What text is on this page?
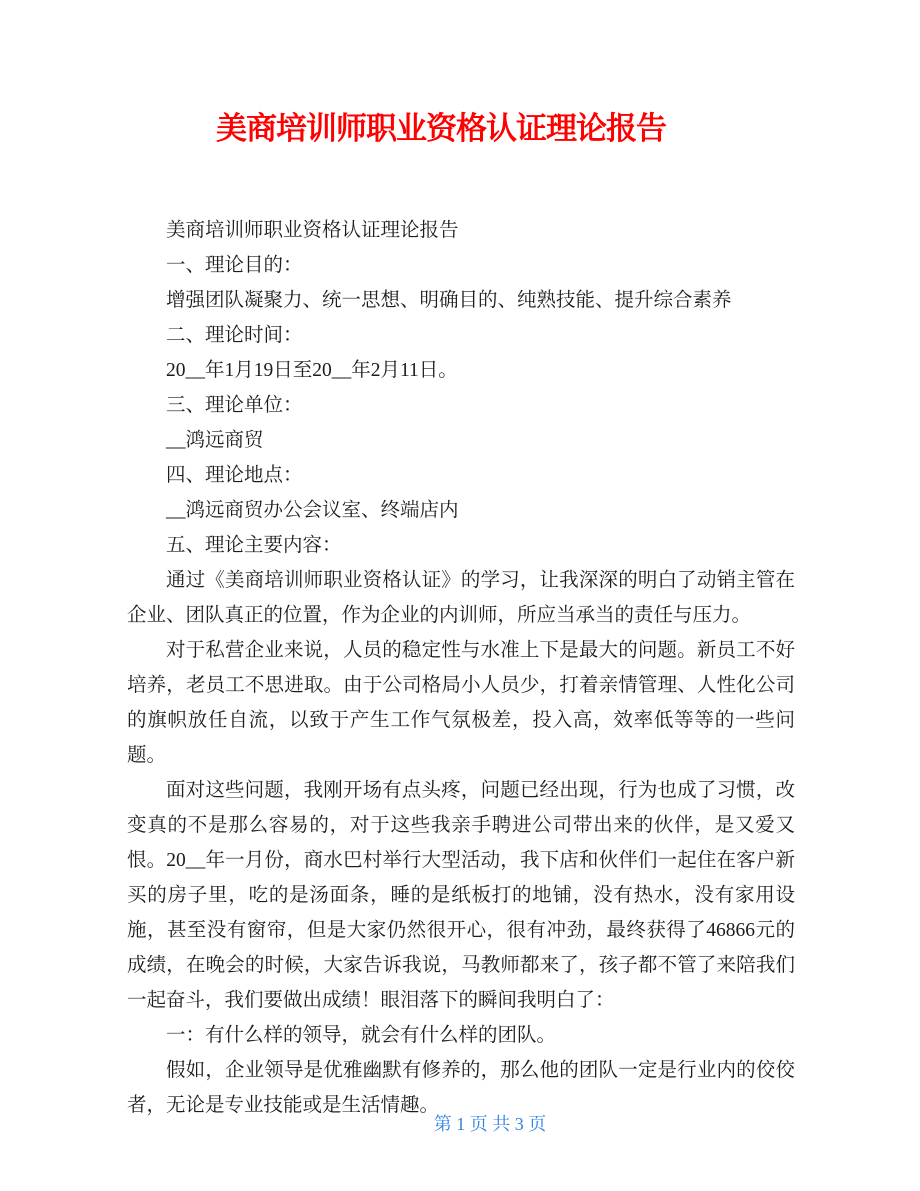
美商培训师职业资格认证理论报告

美商培训师职业资格认证理论报告

一、理论目的：

增强团队凝聚力、统一思想、明确目的、纯熟技能、提升综合素养

二、理论时间：

20__年1月19日至20__年2月11日。

三、理论单位：

__鸿远商贸

四、理论地点：

__鸿远商贸办公会议室、终端店内

五、理论主要内容：

通过《美商培训师职业资格认证》的学习，让我深深的明白了动销主管在企业、团队真正的位置，作为企业的内训师，所应当承当的责任与压力。

对于私营企业来说，人员的稳定性与水准上下是最大的问题。新员工不好培养，老员工不思进取。由于公司格局小人员少，打着亲情管理、人性化公司的旗帜放任自流，以致于产生工作气氛极差，投入高，效率低等等的一些问题。

面对这些问题，我刚开场有点头疼，问题已经出现，行为也成了习惯，改变真的不是那么容易的，对于这些我亲手聘进公司带出来的伙伴，是又爱又恨。20__年一月份，商水巴村举行大型活动，我下店和伙伴们一起住在客户新买的房子里，吃的是汤面条，睡的是纸板打的地铺，没有热水，没有家用设施，甚至没有窗帘，但是大家仍然很开心，很有冲劲，最终获得了46866元的成绩，在晚会的时候，大家告诉我说，马教师都来了，孩子都不管了来陪我们一起奋斗，我们要做出成绩！眼泪落下的瞬间我明白了：

一：有什么样的领导，就会有什么样的团队。

假如，企业领导是优雅幽默有修养的，那么他的团队一定是行业内的佼佼者，无论是专业技能或是生活情趣。

第 1 页 共 3 页
